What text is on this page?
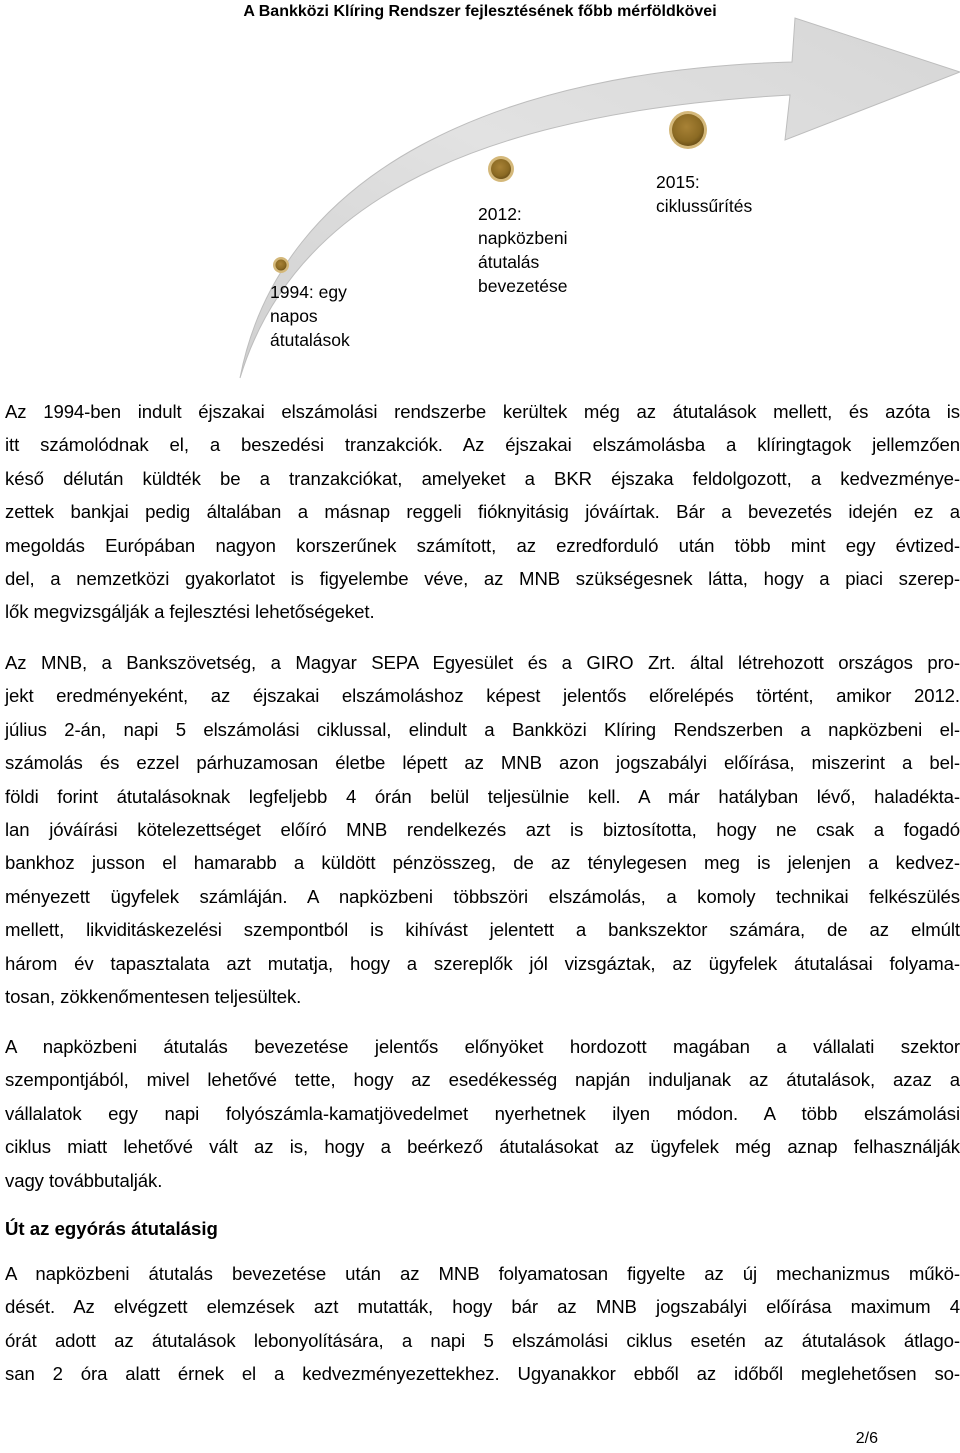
A Bankközi Klíring Rendszer fejlesztésének főbb mérföldkövei
1994: egy
napos
átutalások
2012:
napközbeni
átutalás
bevezetése
2015:
ciklussűrítés
Az 1994-ben indult éjszakai elszámolási rendszerbe kerültek még az átutalások mellett, és azóta is
itt számolódnak el, a beszedési tranzakciók. Az éjszakai elszámolásba a klíringtagok jellemzően
késő délután küldték be a tranzakciókat, amelyeket a BKR éjszaka feldolgozott, a kedvezménye-
zettek bankjai pedig általában a másnap reggeli fióknyitásig jóváírtak. Bár a bevezetés idején ez a
megoldás Európában nagyon korszerűnek számított, az ezredforduló után több mint egy évtized-
del, a nemzetközi gyakorlatot is figyelembe véve, az MNB szükségesnek látta, hogy a piaci szerep-
lők megvizsgálják a fejlesztési lehetőségeket.
Az MNB, a Bankszövetség, a Magyar SEPA Egyesület és a GIRO Zrt. által létrehozott országos pro-
jekt eredményeként, az éjszakai elszámoláshoz képest jelentős előrelépés történt, amikor 2012.
július 2-án, napi 5 elszámolási ciklussal, elindult a Bankközi Klíring Rendszerben a napközbeni el-
számolás és ezzel párhuzamosan életbe lépett az MNB azon jogszabályi előírása, miszerint a bel-
földi forint átutalásoknak legfeljebb 4 órán belül teljesülnie kell. A már hatályban lévő, haladékta-
lan jóváírási kötelezettséget előíró MNB rendelkezés azt is biztosította, hogy ne csak a fogadó
bankhoz jusson el hamarabb a küldött pénzösszeg, de az ténylegesen meg is jelenjen a kedvez-
ményezett ügyfelek számláján. A napközbeni többszöri elszámolás, a komoly technikai felkészülés
mellett, likviditáskezelési szempontból is kihívást jelentett a bankszektor számára, de az elmúlt
három év tapasztalata azt mutatja, hogy a szereplők jól vizsgáztak, az ügyfelek átutalásai folyama-
tosan, zökkenőmentesen teljesültek.
A napközbeni átutalás bevezetése jelentős előnyöket hordozott magában a vállalati szektor
szempontjából, mivel lehetővé tette, hogy az esedékesség napján induljanak az átutalások, azaz a
vállalatok egy napi folyószámla-kamatjövedelmet nyerhetnek ilyen módon. A több elszámolási
ciklus miatt lehetővé vált az is, hogy a beérkező átutalásokat az ügyfelek még aznap felhasználják
vagy továbbutalják.
Út az egyórás átutalásig
A napközbeni átutalás bevezetése után az MNB folyamatosan figyelte az új mechanizmus műkö-
dését. Az elvégzett elemzések azt mutatták, hogy bár az MNB jogszabályi előírása maximum 4
órát adott az átutalások lebonyolítására, a napi 5 elszámolási ciklus esetén az átutalások átlago-
san 2 óra alatt érnek el a kedvezményezettekhez. Ugyanakkor ebből az időből meglehetősen so-
2/6
